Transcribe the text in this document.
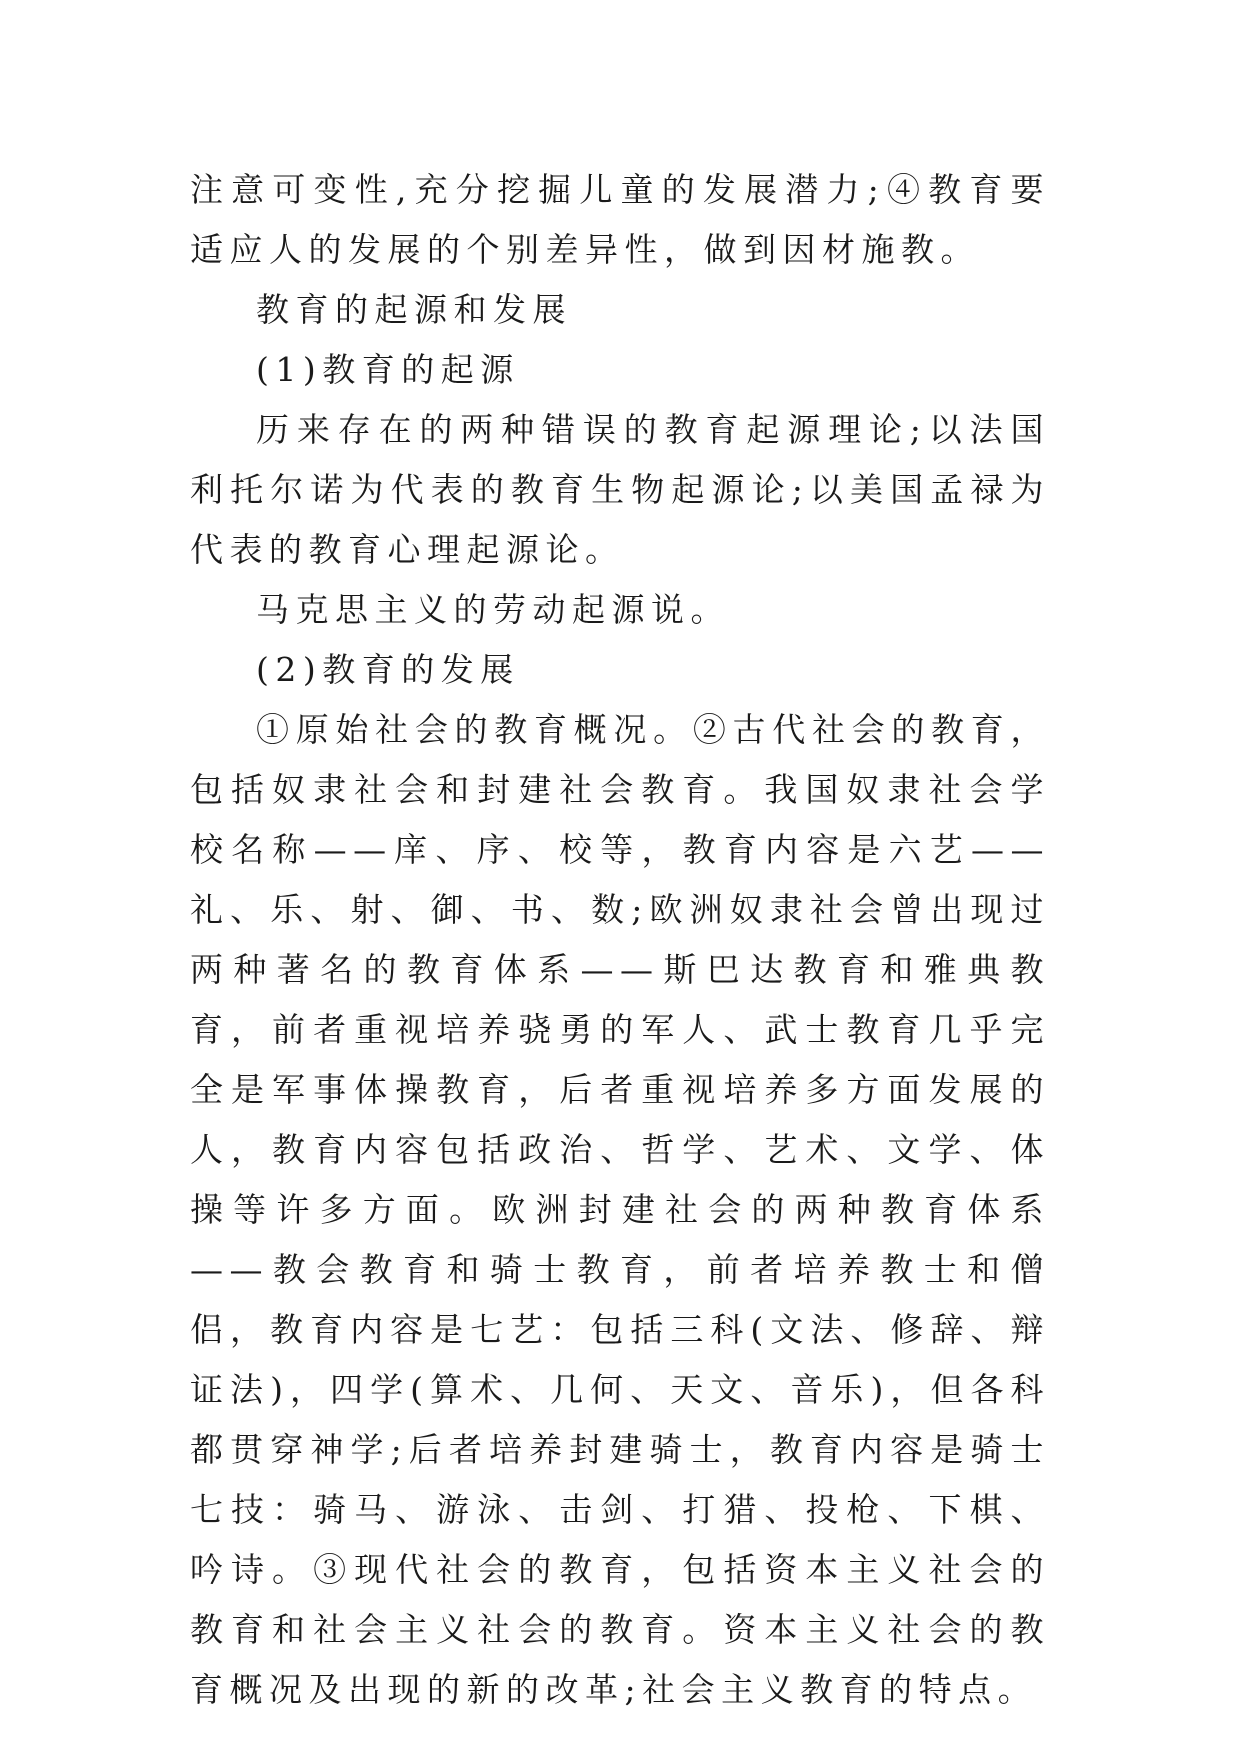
注意可变性,充分挖掘儿童的发展潜力;④教育要适应人的发展的个别差异性，做到因材施教。

教育的起源和发展

(1)教育的起源

历来存在的两种错误的教育起源理论;以法国利托尔诺为代表的教育生物起源论;以美国孟禄为代表的教育心理起源论。

马克思主义的劳动起源说。

(2)教育的发展

①原始社会的教育概况。②古代社会的教育，包括奴隶社会和封建社会教育。我国奴隶社会学校名称——庠、序、校等，教育内容是六艺——礼、乐、射、御、书、数;欧洲奴隶社会曾出现过两种著名的教育体系——斯巴达教育和雅典教育，前者重视培养骁勇的军人、武士教育几乎完全是军事体操教育，后者重视培养多方面发展的人，教育内容包括政治、哲学、艺术、文学、体操等许多方面。欧洲封建社会的两种教育体系——教会教育和骑士教育，前者培养教士和僧侣，教育内容是七艺：包括三科(文法、修辞、辩证法)，四学(算术、几何、天文、音乐)，但各科都贯穿神学;后者培养封建骑士，教育内容是骑士七技：骑马、游泳、击剑、打猎、投枪、下棋、吟诗。③现代社会的教育，包括资本主义社会的教育和社会主义社会的教育。资本主义社会的教育概况及出现的新的改革;社会主义教育的特点。
